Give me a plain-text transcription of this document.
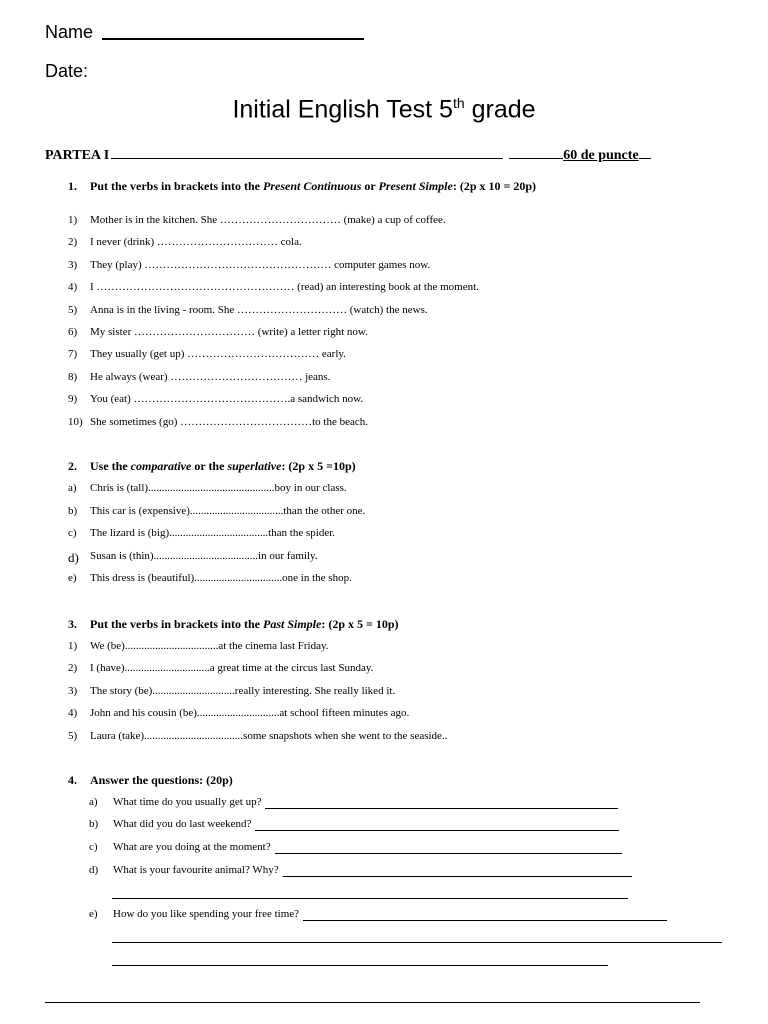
Name
Date:
Initial English Test 5th grade
PARTEA I	60 de puncte
1. Put the verbs in brackets into the Present Continuous or Present Simple: (2p x 10 = 20p)
1) Mother is in the kitchen. She …………………………… (make) a cup of coffee.
2) I never (drink) …………………………… cola.
3) They (play) …………………………………………… computer games now.
4) I ……………………………………………… (read) an interesting book at the moment.
5) Anna is in the living - room. She ………………………… (watch) the news.
6) My sister …………………………… (write) a letter right now.
7) They usually (get up) ……………………………… early.
8) He always (wear) ……………………………… jeans.
9) You (eat) …………………………………….a sandwich now.
10) She sometimes (go) ………………………………to the beach.
2. Use the comparative or the superlative: (2p x 5 =10p)
a) Chris is (tall)..............................................boy in our class.
b) This car is (expensive)..................................than the other one.
c) The lizard is (big)....................................than the spider.
d) Susan is (thin)......................................in our family.
e) This dress is (beautiful)................................one in the shop.
3. Put the verbs in brackets into the Past Simple: (2p x 5 = 10p)
1) We (be)..................................at the cinema last Friday.
2) I (have)...............................a great time at the circus last Sunday.
3) The story (be)..............................really interesting. She really liked it.
4) John and his cousin (be)..............................at school fifteen minutes ago.
5) Laura (take)....................................some snapshots when she went to the seaside..
4. Answer the questions: (20p)
a) What time do you usually get up?
b) What did you do last weekend?
c) What are you doing at the moment?
d) What is your favourite animal? Why?
e) How do you like spending your free time?
